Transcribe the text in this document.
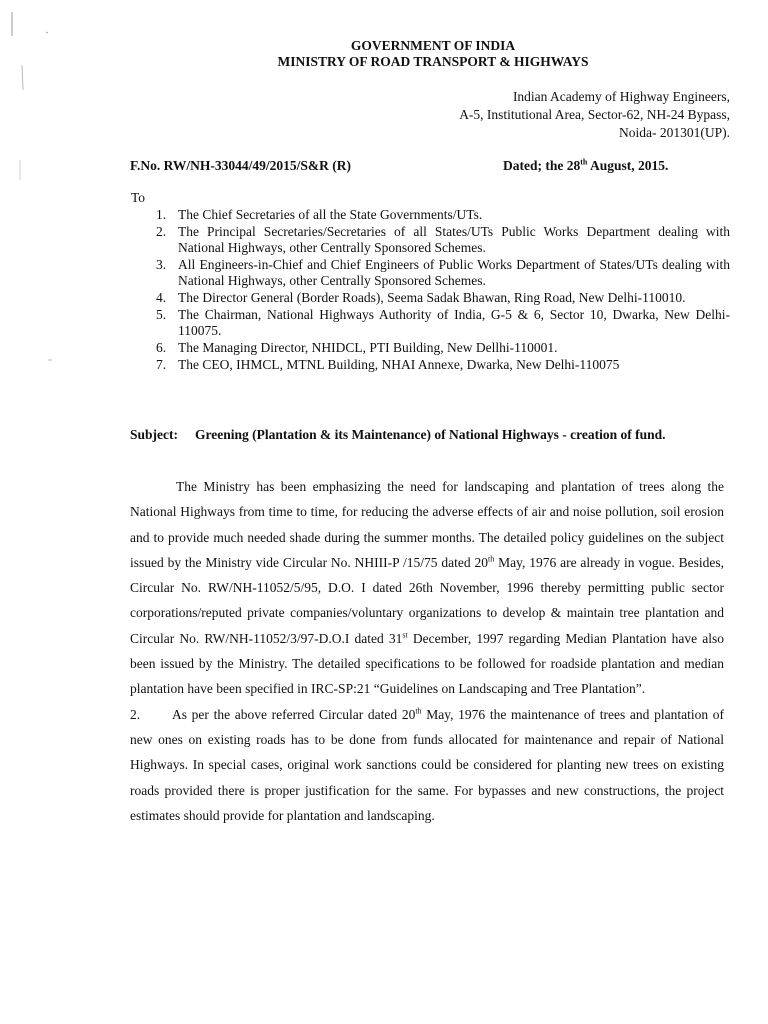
GOVERNMENT OF INDIA
MINISTRY OF ROAD TRANSPORT & HIGHWAYS
Indian Academy of Highway Engineers,
A-5, Institutional Area, Sector-62, NH-24 Bypass,
Noida- 201301(UP).
F.No. RW/NH-33044/49/2015/S&R (R)	Dated; the 28th August, 2015.
To
1. The Chief Secretaries of all the State Governments/UTs.
2. The Principal Secretaries/Secretaries of all States/UTs Public Works Department dealing with National Highways, other Centrally Sponsored Schemes.
3. All Engineers-in-Chief and Chief Engineers of Public Works Department of States/UTs dealing with National Highways, other Centrally Sponsored Schemes.
4. The Director General (Border Roads), Seema Sadak Bhawan, Ring Road, New Delhi-110010.
5. The Chairman, National Highways Authority of India, G-5 & 6, Sector 10, Dwarka, New Delhi-110075.
6. The Managing Director, NHIDCL, PTI Building, New Dellhi-110001.
7. The CEO, IHMCL, MTNL Building, NHAI Annexe, Dwarka, New Delhi-110075
Subject:	Greening (Plantation & its Maintenance) of National Highways - creation of fund.

The Ministry has been emphasizing the need for landscaping and plantation of trees along the National Highways from time to time, for reducing the adverse effects of air and noise pollution, soil erosion and to provide much needed shade during the summer months. The detailed policy guidelines on the subject issued by the Ministry vide Circular No. NHIII-P /15/75 dated 20th May, 1976 are already in vogue. Besides, Circular No. RW/NH-11052/5/95, D.O. I dated 26th November, 1996 thereby permitting public sector corporations/reputed private companies/voluntary organizations to develop & maintain tree plantation and Circular No. RW/NH-11052/3/97-D.O.I dated 31st December, 1997 regarding Median Plantation have also been issued by the Ministry. The detailed specifications to be followed for roadside plantation and median plantation have been specified in IRC-SP:21 “Guidelines on Landscaping and Tree Plantation”.

2. As per the above referred Circular dated 20th May, 1976 the maintenance of trees and plantation of new ones on existing roads has to be done from funds allocated for maintenance and repair of National Highways. In special cases, original work sanctions could be considered for planting new trees on existing roads provided there is proper justification for the same. For bypasses and new constructions, the project estimates should provide for plantation and landscaping.
